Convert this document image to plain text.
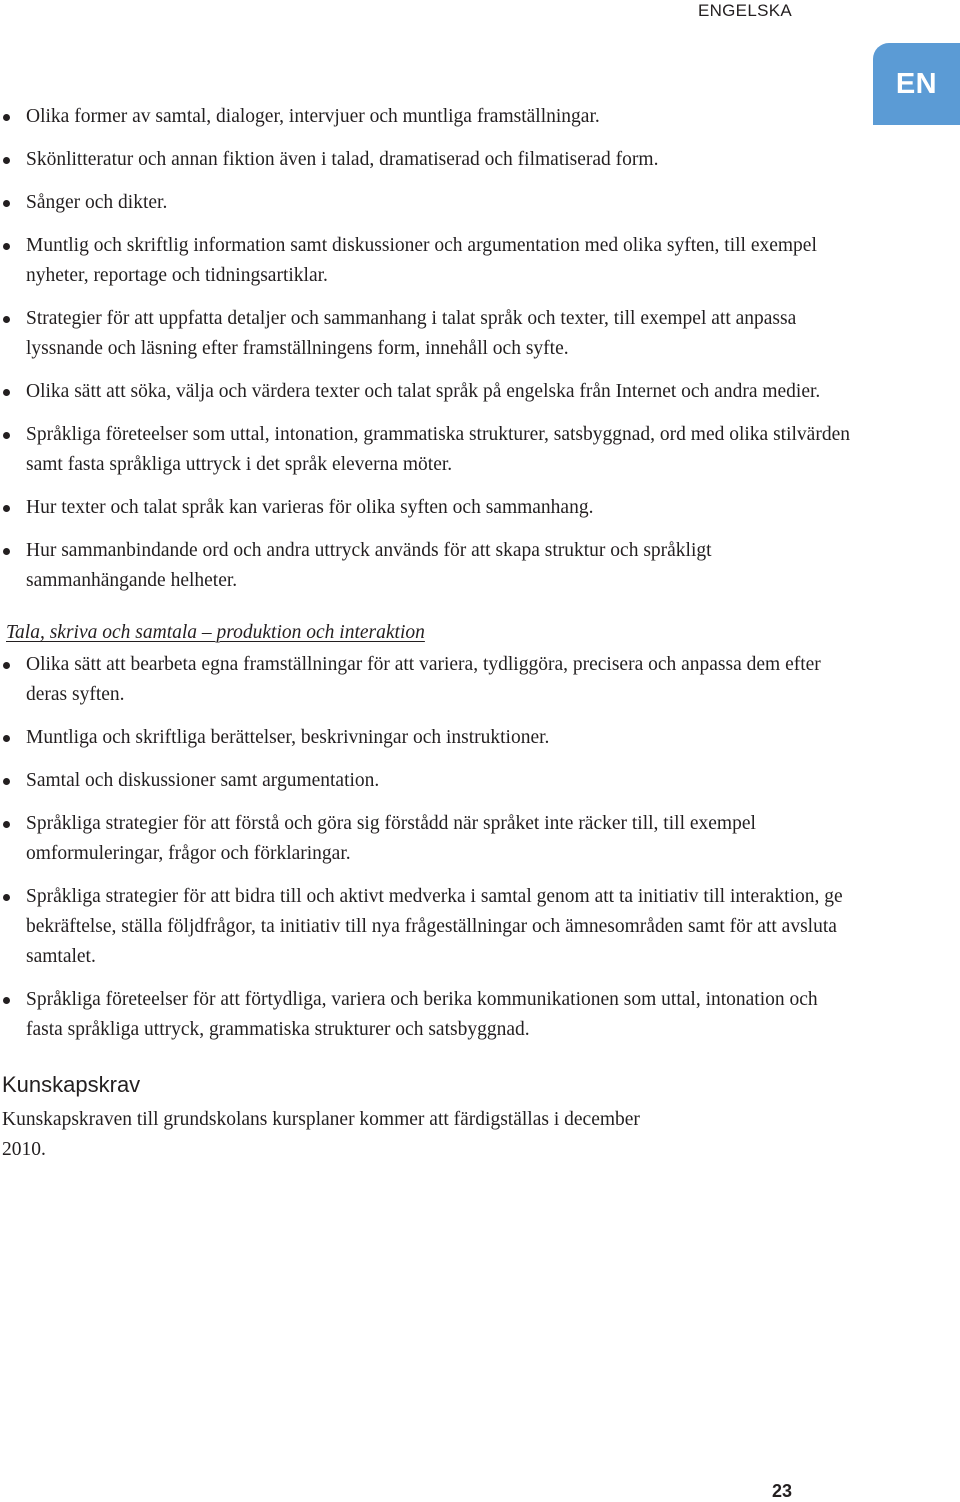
ENGELSKA
EN
Olika former av samtal, dialoger, intervjuer och muntliga framställningar.
Skönlitteratur och annan fiktion även i talad, dramatiserad och filmatiserad form.
Sånger och dikter.
Muntlig och skriftlig information samt diskussioner och argumentation med olika syften, till exempel nyheter, reportage och tidningsartiklar.
Strategier för att uppfatta detaljer och sammanhang i talat språk och texter, till exempel att anpassa lyssnande och läsning efter framställningens form, innehåll och syfte.
Olika sätt att söka, välja och värdera texter och talat språk på engelska från Internet och andra medier.
Språkliga företeelser som uttal, intonation, grammatiska strukturer, satsbyggnad, ord med olika stilvärden samt fasta språkliga uttryck i det språk eleverna möter.
Hur texter och talat språk kan varieras för olika syften och sammanhang.
Hur sammanbindande ord och andra uttryck används för att skapa struktur och språkligt sammanhängande helheter.
Tala, skriva och samtala – produktion och interaktion
Olika sätt att bearbeta egna framställningar för att variera, tydliggöra, precisera och anpassa dem efter deras syften.
Muntliga och skriftliga berättelser, beskrivningar och instruktioner.
Samtal och diskussioner samt argumentation.
Språkliga strategier för att förstå och göra sig förstådd när språket inte räcker till, till exempel omformuleringar, frågor och förklaringar.
Språkliga strategier för att bidra till och aktivt medverka i samtal genom att ta initiativ till interaktion, ge bekräftelse, ställa följdfrågor, ta initiativ till nya frågeställningar och ämnesområden samt för att avsluta samtalet.
Språkliga företeelser för att förtydliga, variera och berika kommunikationen som uttal, intonation och fasta språkliga uttryck, grammatiska strukturer och satsbyggnad.
Kunskapskrav
Kunskapskraven till grundskolans kursplaner kommer att färdigställas i december 2010.
23
